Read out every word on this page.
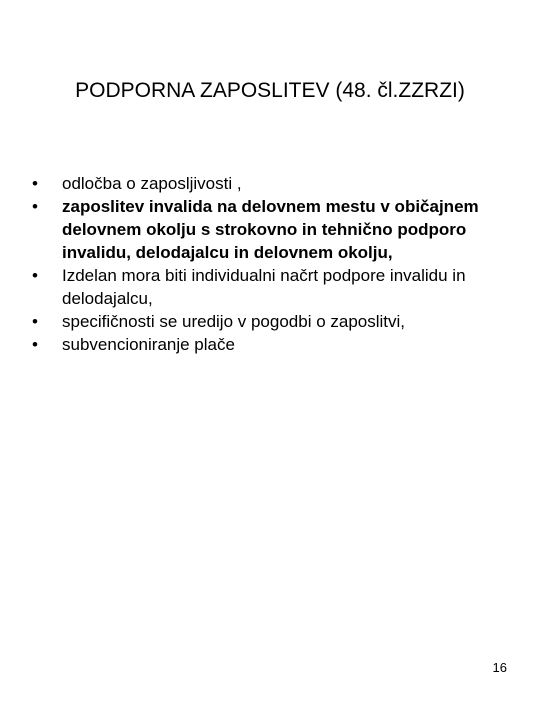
PODPORNA ZAPOSLITEV (48. čl.ZZRZI)
•	odločba o zaposljivosti ,
•	zaposlitev invalida na delovnem mestu v običajnem delovnem okolju s strokovno in tehnično podporo invalidu, delodajalcu in delovnem okolju,
•	Izdelan mora biti individualni načrt podpore invalidu in delodajalcu,
•	specifičnosti se uredijo v pogodbi o zaposlitvi,
•	subvencioniranje plače
16
